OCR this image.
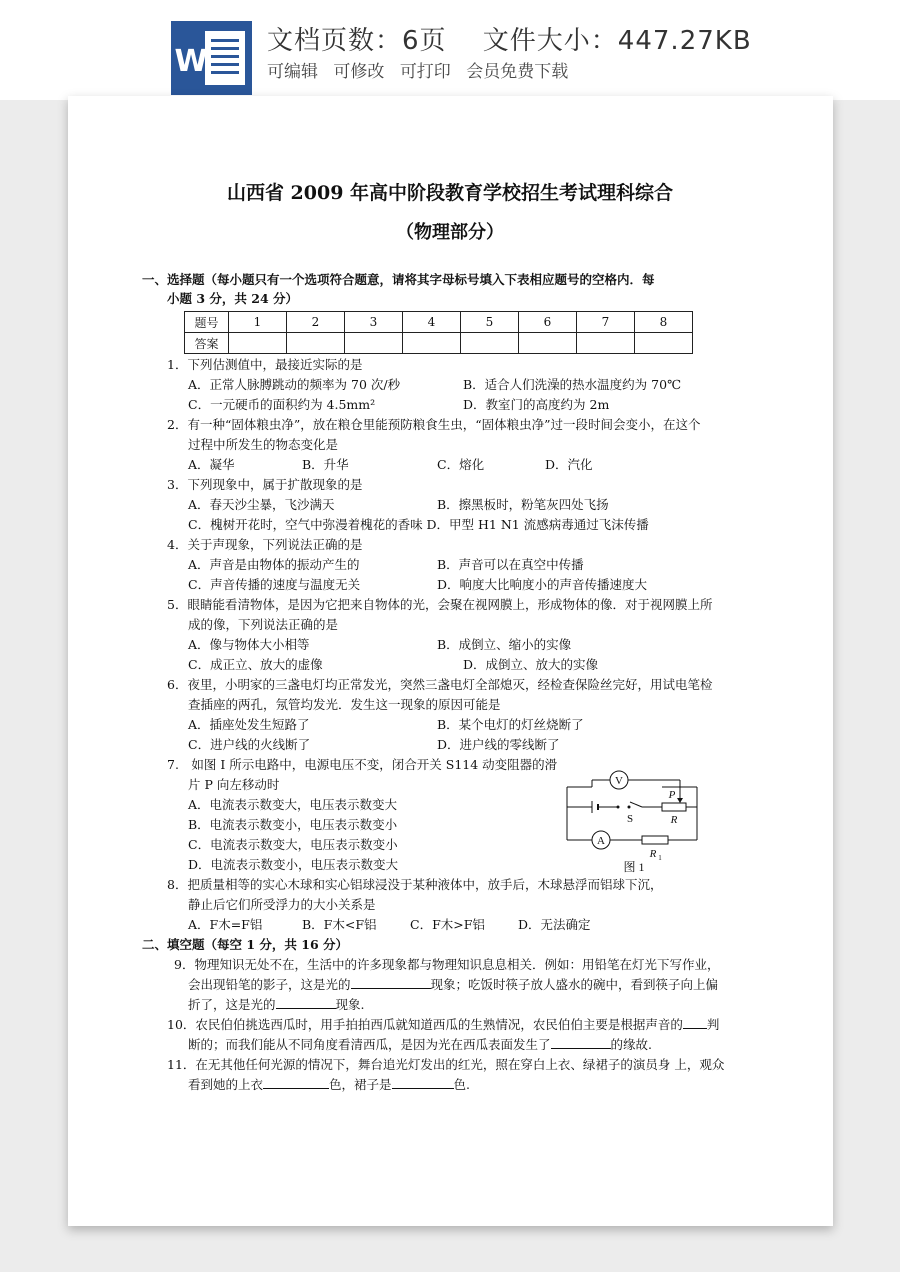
W
文档页数：6页　 文件大小：447.27KB
可编辑 可修改 可打印 会员免费下载
山西省 2009 年高中阶段教育学校招生考试理科综合
（物理部分）
一、选择题（每小题只有一个选项符合题意，请将其字母标号填入下表相应题号的空格内．每
小题 3 分，共 24 分）
题号	1	2	3	4	5	6	7	8
答案								
1．下列估测值中，最接近实际的是
A．正常人脉膊跳动的频率为 70 次/秒	B．适合人们洗澡的热水温度约为 70℃
C．一元硬币的面积约为 4.5mm²	D．教室门的高度约为 2m
2．有一种“固体粮虫净”，放在粮仓里能预防粮食生虫，“固体粮虫净”过一段时间会变小，在这个
过程中所发生的物态变化是
A．凝华	B．升华	C．熔化	D．汽化
3．下列现象中，属于扩散现象的是
A．春天沙尘暴，飞沙满天	B．擦黑板时，粉笔灰四处飞扬
C．槐树开花时，空气中弥漫着槐花的香味 D．甲型 H1 N1 流感病毒通过飞沫传播
4．关于声现象，下列说法正确的是
A．声音是由物体的振动产生的	B．声音可以在真空中传播
C．声音传播的速度与温度无关	D．响度大比响度小的声音传播速度大
5．眼睛能看清物体，是因为它把来自物体的光，会聚在视网膜上，形成物体的像．对于视网膜上所
成的像，下列说法正确的是
A．像与物体大小相等	B．成倒立、缩小的实像
C．成正立、放大的虚像	D．成倒立、放大的实像
6．夜里，小明家的三盏电灯均正常发光，突然三盏电灯全部熄灭，经检查保险丝完好，用试电笔检
查插座的两孔，氖管均发光．发生这一现象的原因可能是
A．插座处发生短路了	B．某个电灯的灯丝烧断了
C．进户线的火线断了	D．进户线的零线断了
7.　如图 I 所示电路中，电源电压不变，闭合开关 S114 动变阻器的滑
片 P 向左移动时
A．电流表示数变大，电压表示数变大
B．电流表示数变小，电压表示数变小
C．电流表示数变大，电压表示数变小
D．电流表示数变小，电压表示数变大
V
A
P
S	R
R 1
图 1
8．把质量相等的实心木球和实心铝球浸没于某种液体中，放手后，木球悬浮而铝球下沉，
静止后它们所受浮力的大小关系是
A．F木=F铝	B．F木<F铝	C．F木>F铝	D．无法确定
二、填空题（每空 1 分，共 16 分）
9．物理知识无处不在，生活中的许多现象都与物理知识息息相关．例如：用铅笔在灯光下写作业，
会出现铅笔的影子，这是光的	现象；吃饭时筷子放人盛水的碗中，看到筷子向上偏
折了，这是光的	现象.
10．农民伯伯挑选西瓜时，用手拍拍西瓜就知道西瓜的生熟情况，农民伯伯主要是根据声音的 判
断的；而我们能从不同角度看清西瓜，是因为光在西瓜表面发生了	的缘故.
11．在无其他任何光源的情况下，舞台追光灯发出的红光，照在穿白上衣、绿裙子的演员身 上，观众
看到她的上衣	色，裙子是	色.
